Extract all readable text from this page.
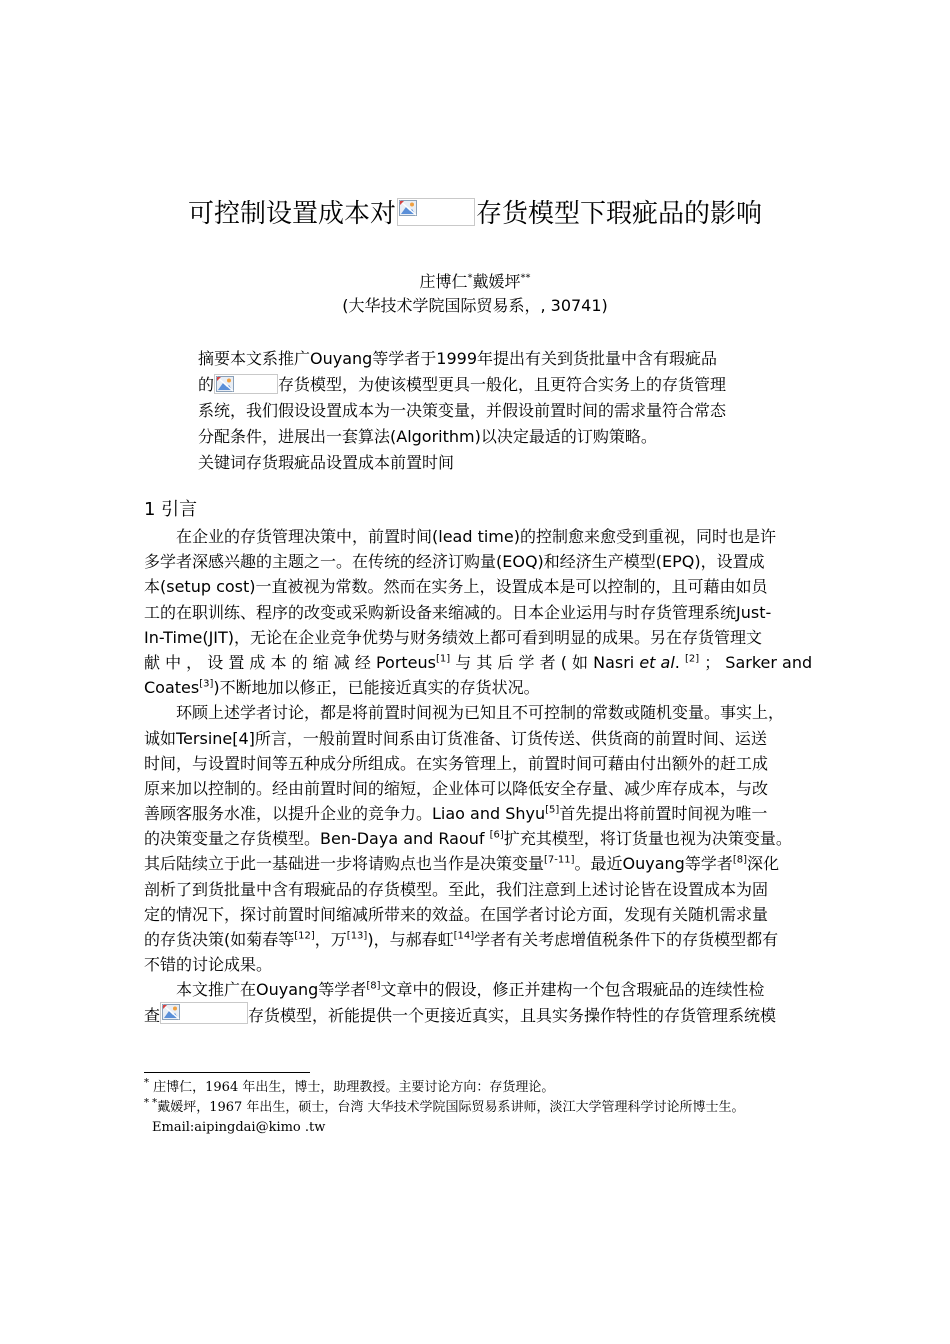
可控制设置成本对	存货模型下瑕疵品的影响
庄博仁*戴媛坪**
(大华技术学院国际贸易系，, 30741)
摘要本文系推广Ouyang等学者于1999年提出有关到货批量中含有瑕疵品
的	存货模型，为使该模型更具一般化，且更符合实务上的存货管理
系统，我们假设设置成本为一决策变量，并假设前置时间的需求量符合常态
分配条件，进展出一套算法(Algorithm)以决定最适的订购策略。
关键词存货瑕疵品设置成本前置时间
1 引言
在企业的存货管理决策中，前置时间(lead time)的控制愈来愈受到重视，同时也是许
多学者深感兴趣的主题之一。在传统的经济订购量(EOQ)和经济生产模型(EPQ)，设置成
本(setup cost)一直被视为常数。然而在实务上，设置成本是可以控制的，且可藉由如员
工的在职训练、程序的改变或采购新设备来缩减的。日本企业运用与时存货管理系统Just-
In-Time(JIT)，无论在企业竞争优势与财务绩效上都可看到明显的成果。另在存货管理文
献 中 ， 设 置 成 本 的 缩 减 经 Porteus[1] 与 其 后 学 者 ( 如 Nasri et al. [2] ； Sarker and
Coates[3])不断地加以修正，已能接近真实的存货状况。
环顾上述学者讨论，都是将前置时间视为已知且不可控制的常数或随机变量。事实上，
诚如Tersine[4]所言，一般前置时间系由订货准备、订货传送、供货商的前置时间、运送
时间，与设置时间等五种成分所组成。在实务管理上，前置时间可藉由付出额外的赶工成
原来加以控制的。经由前置时间的缩短，企业体可以降低安全存量、减少库存成本，与改
善顾客服务水准，以提升企业的竞争力。Liao and Shyu[5]首先提出将前置时间视为唯一
的决策变量之存货模型。Ben-Daya and Raouf [6]扩充其模型，将订货量也视为决策变量。
其后陆续立于此一基础进一步将请购点也当作是决策变量[7-11]。最近Ouyang等学者[8]深化
剖析了到货批量中含有瑕疵品的存货模型。至此，我们注意到上述讨论皆在设置成本为固
定的情况下，探讨前置时间缩减所带来的效益。在国学者讨论方面，发现有关随机需求量
的存货决策(如菊春等[12]，万[13])，与郝春虹[14]学者有关考虑增值税条件下的存货模型都有
不错的讨论成果。
本文推广在Ouyang等学者[8]文章中的假设，修正并建构一个包含瑕疵品的连续性检
查	存货模型，祈能提供一个更接近真实，且具实务操作特性的存货管理系统模
* 庄博仁，1964 年出生，博士，助理教授。主要讨论方向：存货理论。
* *戴媛坪，1967 年出生，硕士，台湾 大华技术学院国际贸易系讲师，淡江大学管理科学讨论所博士生。
Email:aipingdai@kimo .tw
